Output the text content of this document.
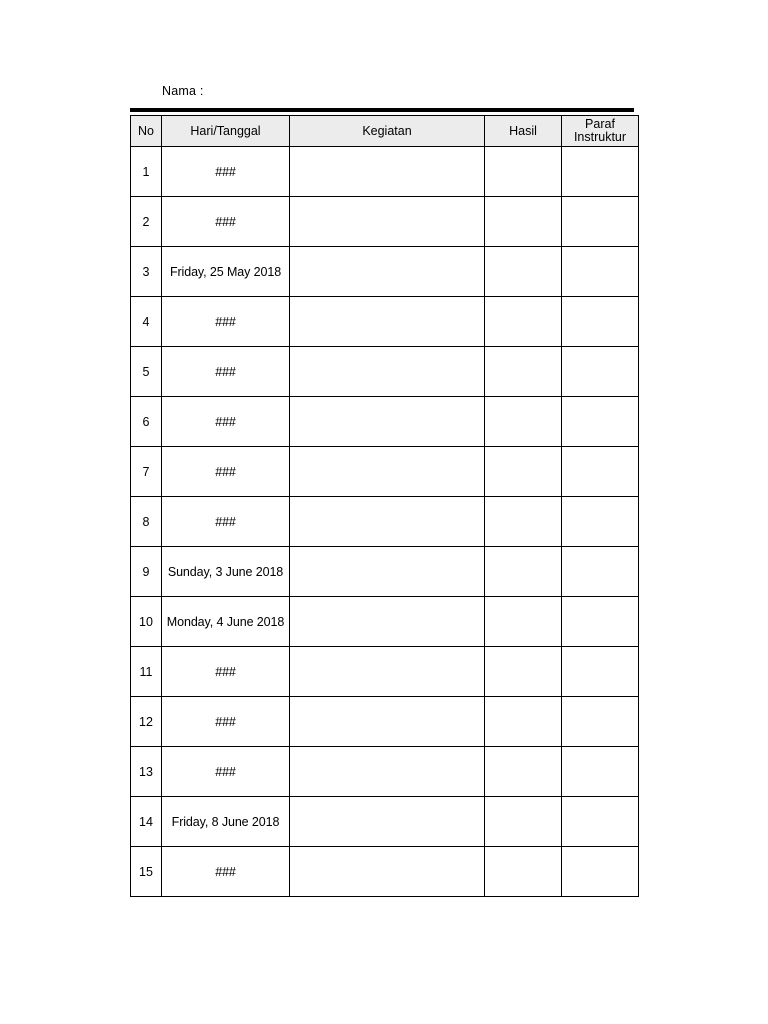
Nama :
No	Hari/Tanggal	Kegiatan	Hasil	Paraf
Instruktur

1	###			
2	###			
3	Friday, 25 May 2018			
4	###			
5	###			
6	###			
7	###			
8	###			
9	Sunday, 3 June 2018			
10	Monday, 4 June 2018			
11	###			
12	###			
13	###			
14	Friday, 8 June 2018			
15	###			
